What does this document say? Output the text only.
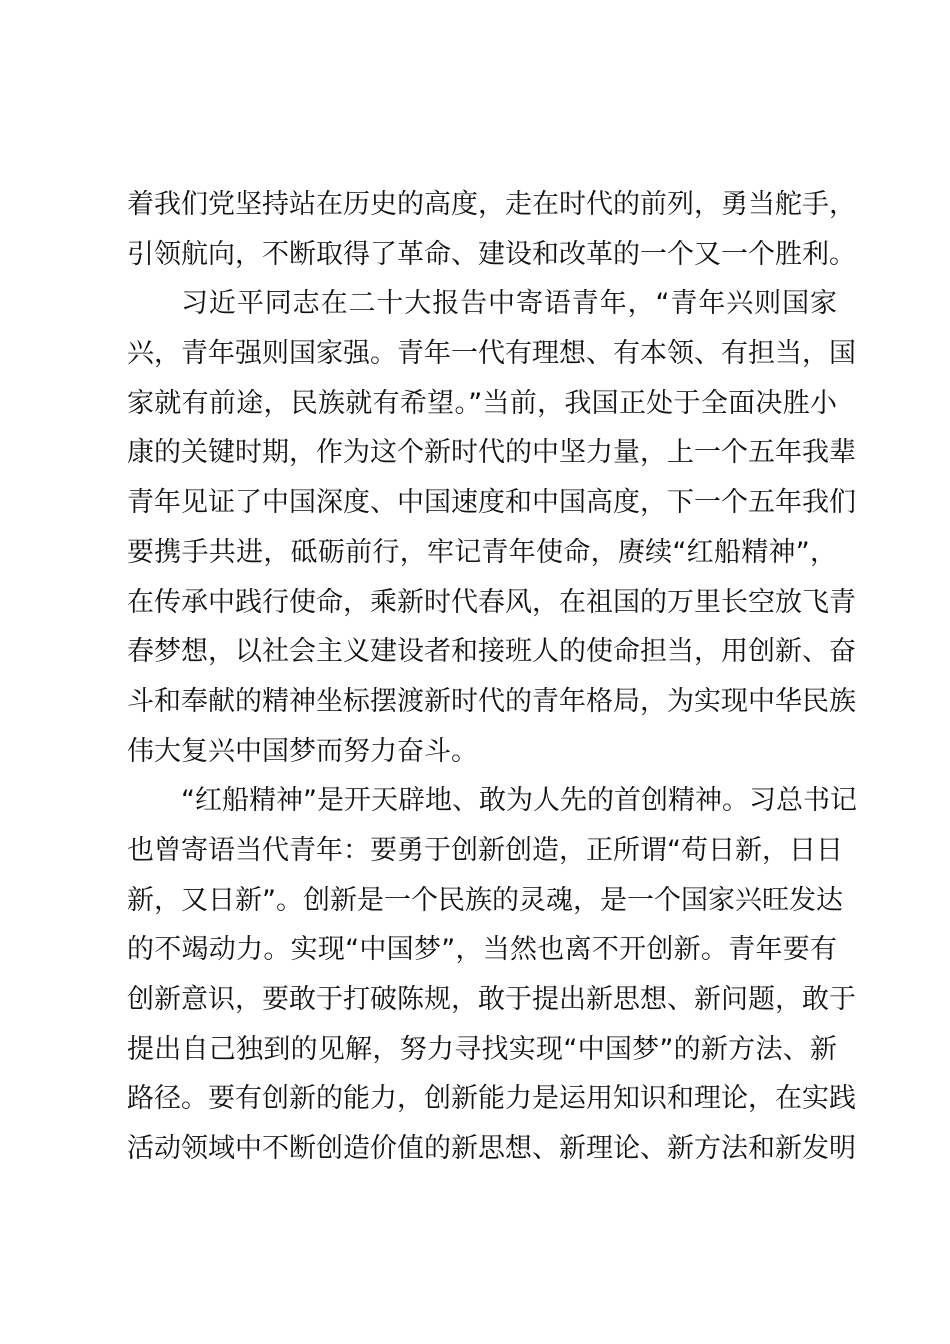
着我们党坚持站在历史的高度，走在时代的前列，勇当舵手，
引领航向，不断取得了革命、建设和改革的一个又一个胜利。
习近平同志在二十大报告中寄语青年，“青年兴则国家
兴，青年强则国家强。青年一代有理想、有本领、有担当，国
家就有前途，民族就有希望。”当前，我国正处于全面决胜小
康的关键时期，作为这个新时代的中坚力量，上一个五年我辈
青年见证了中国深度、中国速度和中国高度，下一个五年我们
要携手共进，砥砺前行，牢记青年使命，赓续“红船精神”，
在传承中践行使命，乘新时代春风，在祖国的万里长空放飞青
春梦想，以社会主义建设者和接班人的使命担当，用创新、奋
斗和奉献的精神坐标摆渡新时代的青年格局，为实现中华民族
伟大复兴中国梦而努力奋斗。
“红船精神”是开天辟地、敢为人先的首创精神。习总书记
也曾寄语当代青年：要勇于创新创造，正所谓“苟日新，日日
新，又日新”。创新是一个民族的灵魂，是一个国家兴旺发达
的不竭动力。实现“中国梦”，当然也离不开创新。青年要有
创新意识，要敢于打破陈规，敢于提出新思想、新问题，敢于
提出自己独到的见解，努力寻找实现“中国梦”的新方法、新
路径。要有创新的能力，创新能力是运用知识和理论，在实践
活动领域中不断创造价值的新思想、新理论、新方法和新发明
